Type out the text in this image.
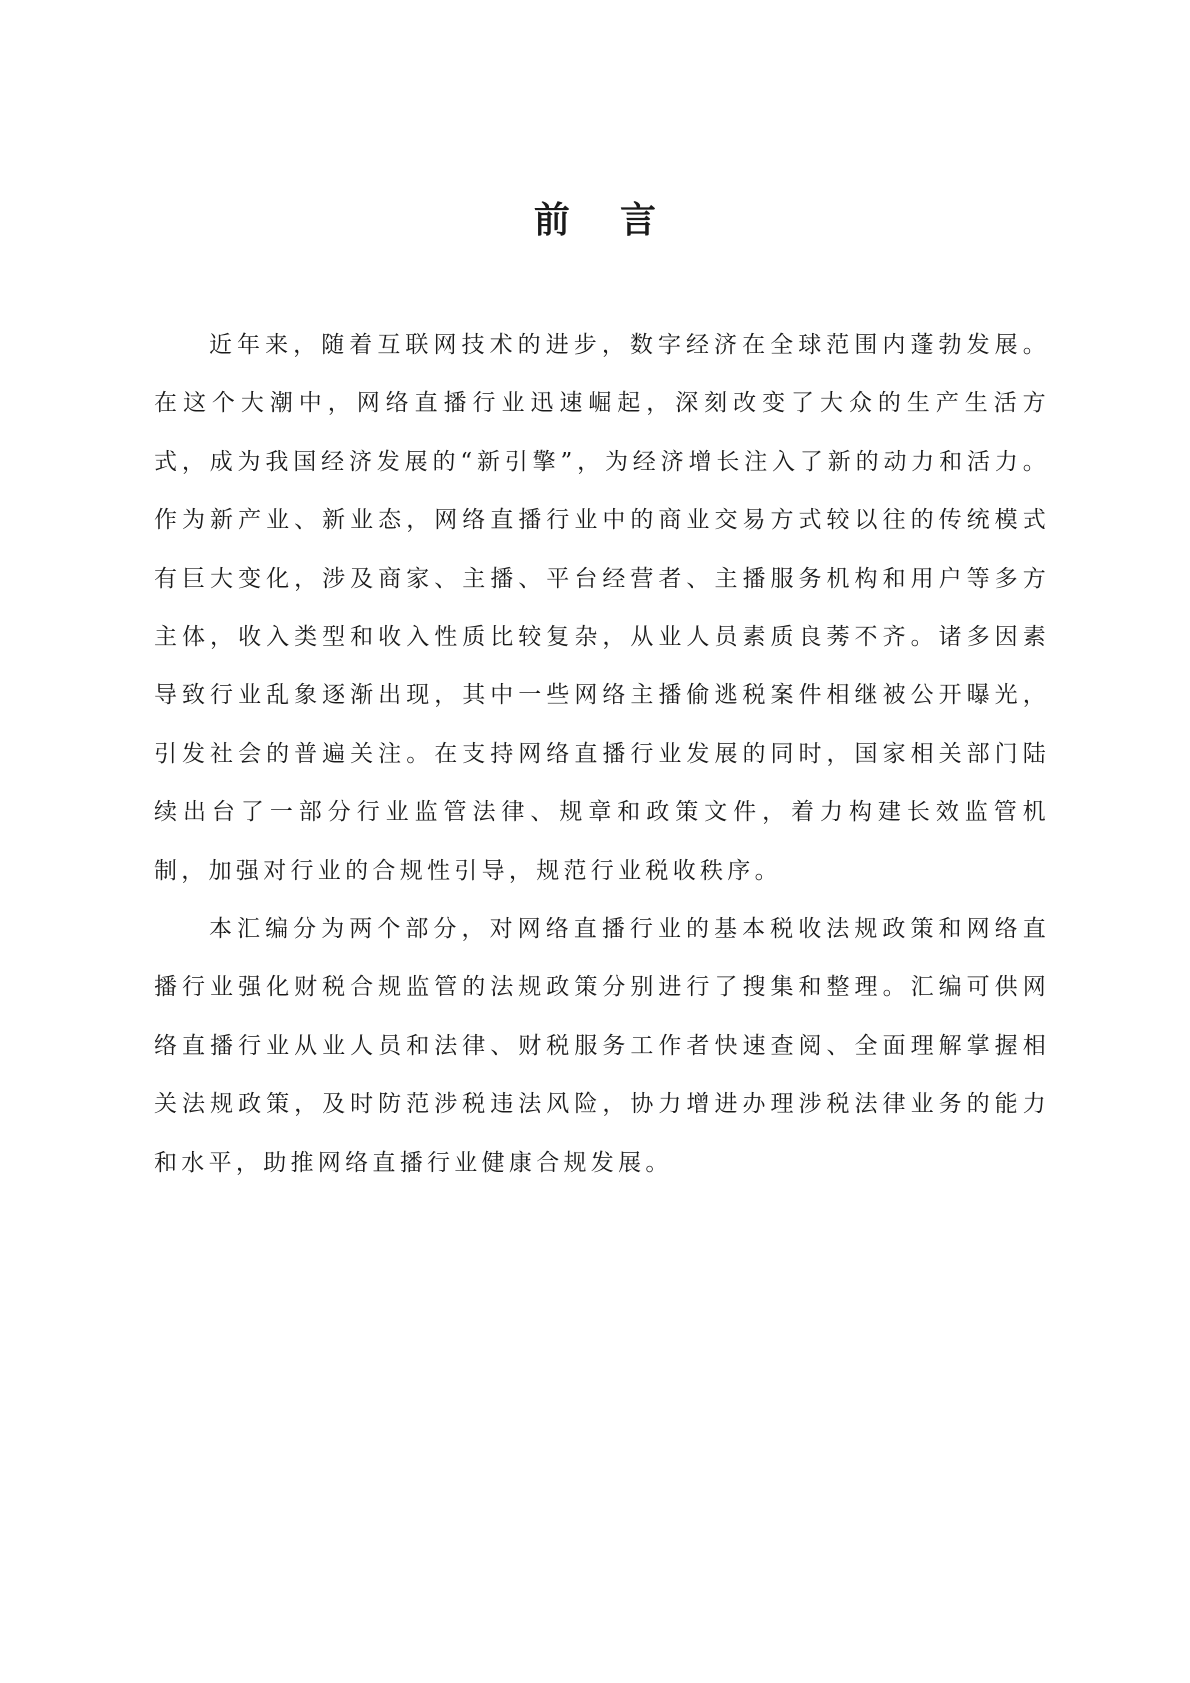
前    言

近年来，随着互联网技术的进步，数字经济在全球范围内蓬勃发展。在这个大潮中，网络直播行业迅速崛起，深刻改变了大众的生产生活方式，成为我国经济发展的“新引擎”，为经济增长注入了新的动力和活力。作为新产业、新业态，网络直播行业中的商业交易方式较以往的传统模式有巨大变化，涉及商家、主播、平台经营者、主播服务机构和用户等多方主体，收入类型和收入性质比较复杂，从业人员素质良莠不齐。诸多因素导致行业乱象逐渐出现，其中一些网络主播偷逃税案件相继被公开曝光，引发社会的普遍关注。在支持网络直播行业发展的同时，国家相关部门陆续出台了一部分行业监管法律、规章和政策文件，着力构建长效监管机制，加强对行业的合规性引导，规范行业税收秩序。

本汇编分为两个部分，对网络直播行业的基本税收法规政策和网络直播行业强化财税合规监管的法规政策分别进行了搜集和整理。汇编可供网络直播行业从业人员和法律、财税服务工作者快速查阅、全面理解掌握相关法规政策，及时防范涉税违法风险，协力增进办理涉税法律业务的能力和水平，助推网络直播行业健康合规发展。
